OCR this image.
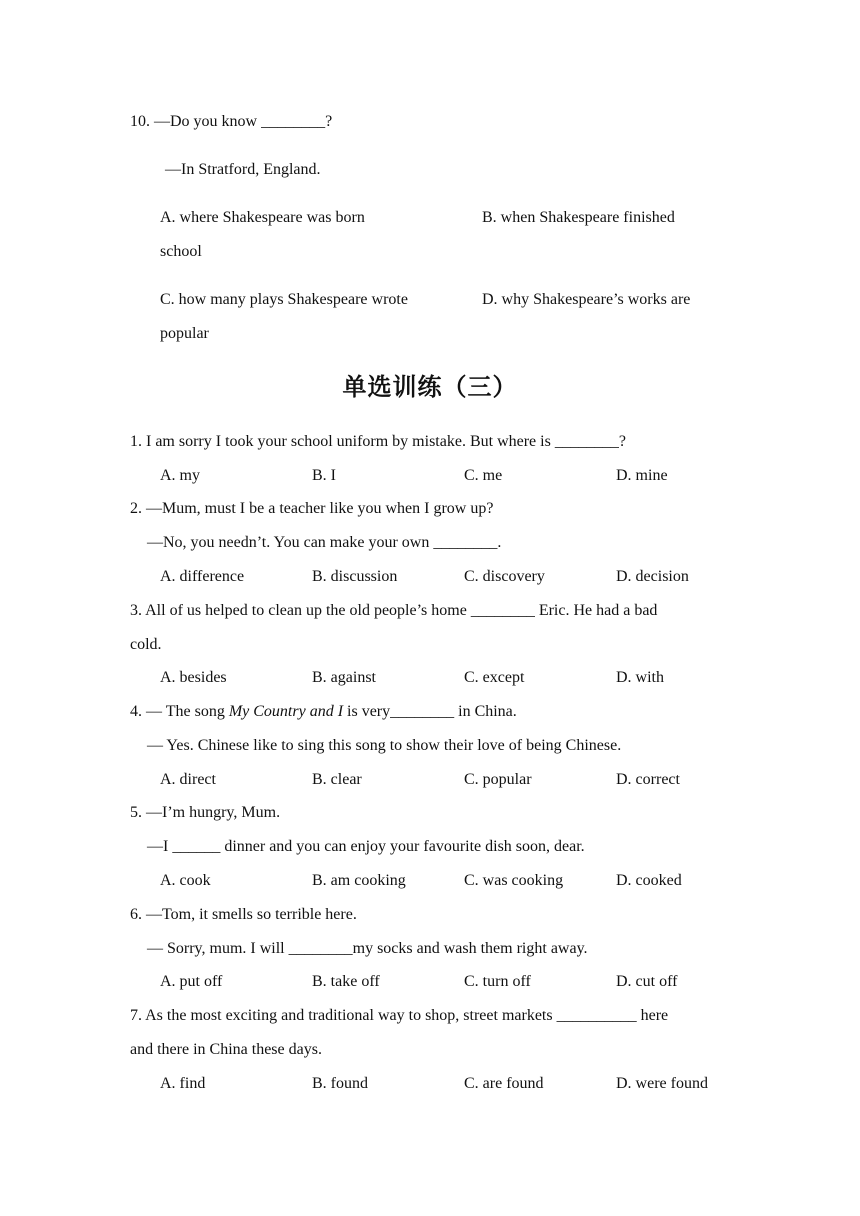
10. —Do you know ________?
—In Stratford, England.
A. where Shakespeare was born	B. when Shakespeare finished
school
C. how many plays Shakespeare wrote	D. why Shakespeare’s works are
popular
单选训练（三）
1. I am sorry I took your school uniform by mistake. But where is ________?
A. my	B. I	C. me	D. mine
2. —Mum, must I be a teacher like you when I grow up?
—No, you needn’t. You can make your own ________.
A. difference	B. discussion	C. discovery	D. decision
3. All of us helped to clean up the old people’s home ________ Eric. He had a bad
cold.
A. besides	B. against	C. except	D. with
4. — The song My Country and I is very________ in China.
— Yes. Chinese like to sing this song to show their love of being Chinese.
A. direct	B. clear	C. popular	D. correct
5. —I’m hungry, Mum.
—I ______ dinner and you can enjoy your favourite dish soon, dear.
A. cook	B. am cooking	C. was cooking	D. cooked
6. —Tom, it smells so terrible here.
— Sorry, mum. I will ________my socks and wash them right away.
A. put off	B. take off	C. turn off	D. cut off
7. As the most exciting and traditional way to shop, street markets __________ here
and there in China these days.
A. find	B. found	C. are found	D. were found
